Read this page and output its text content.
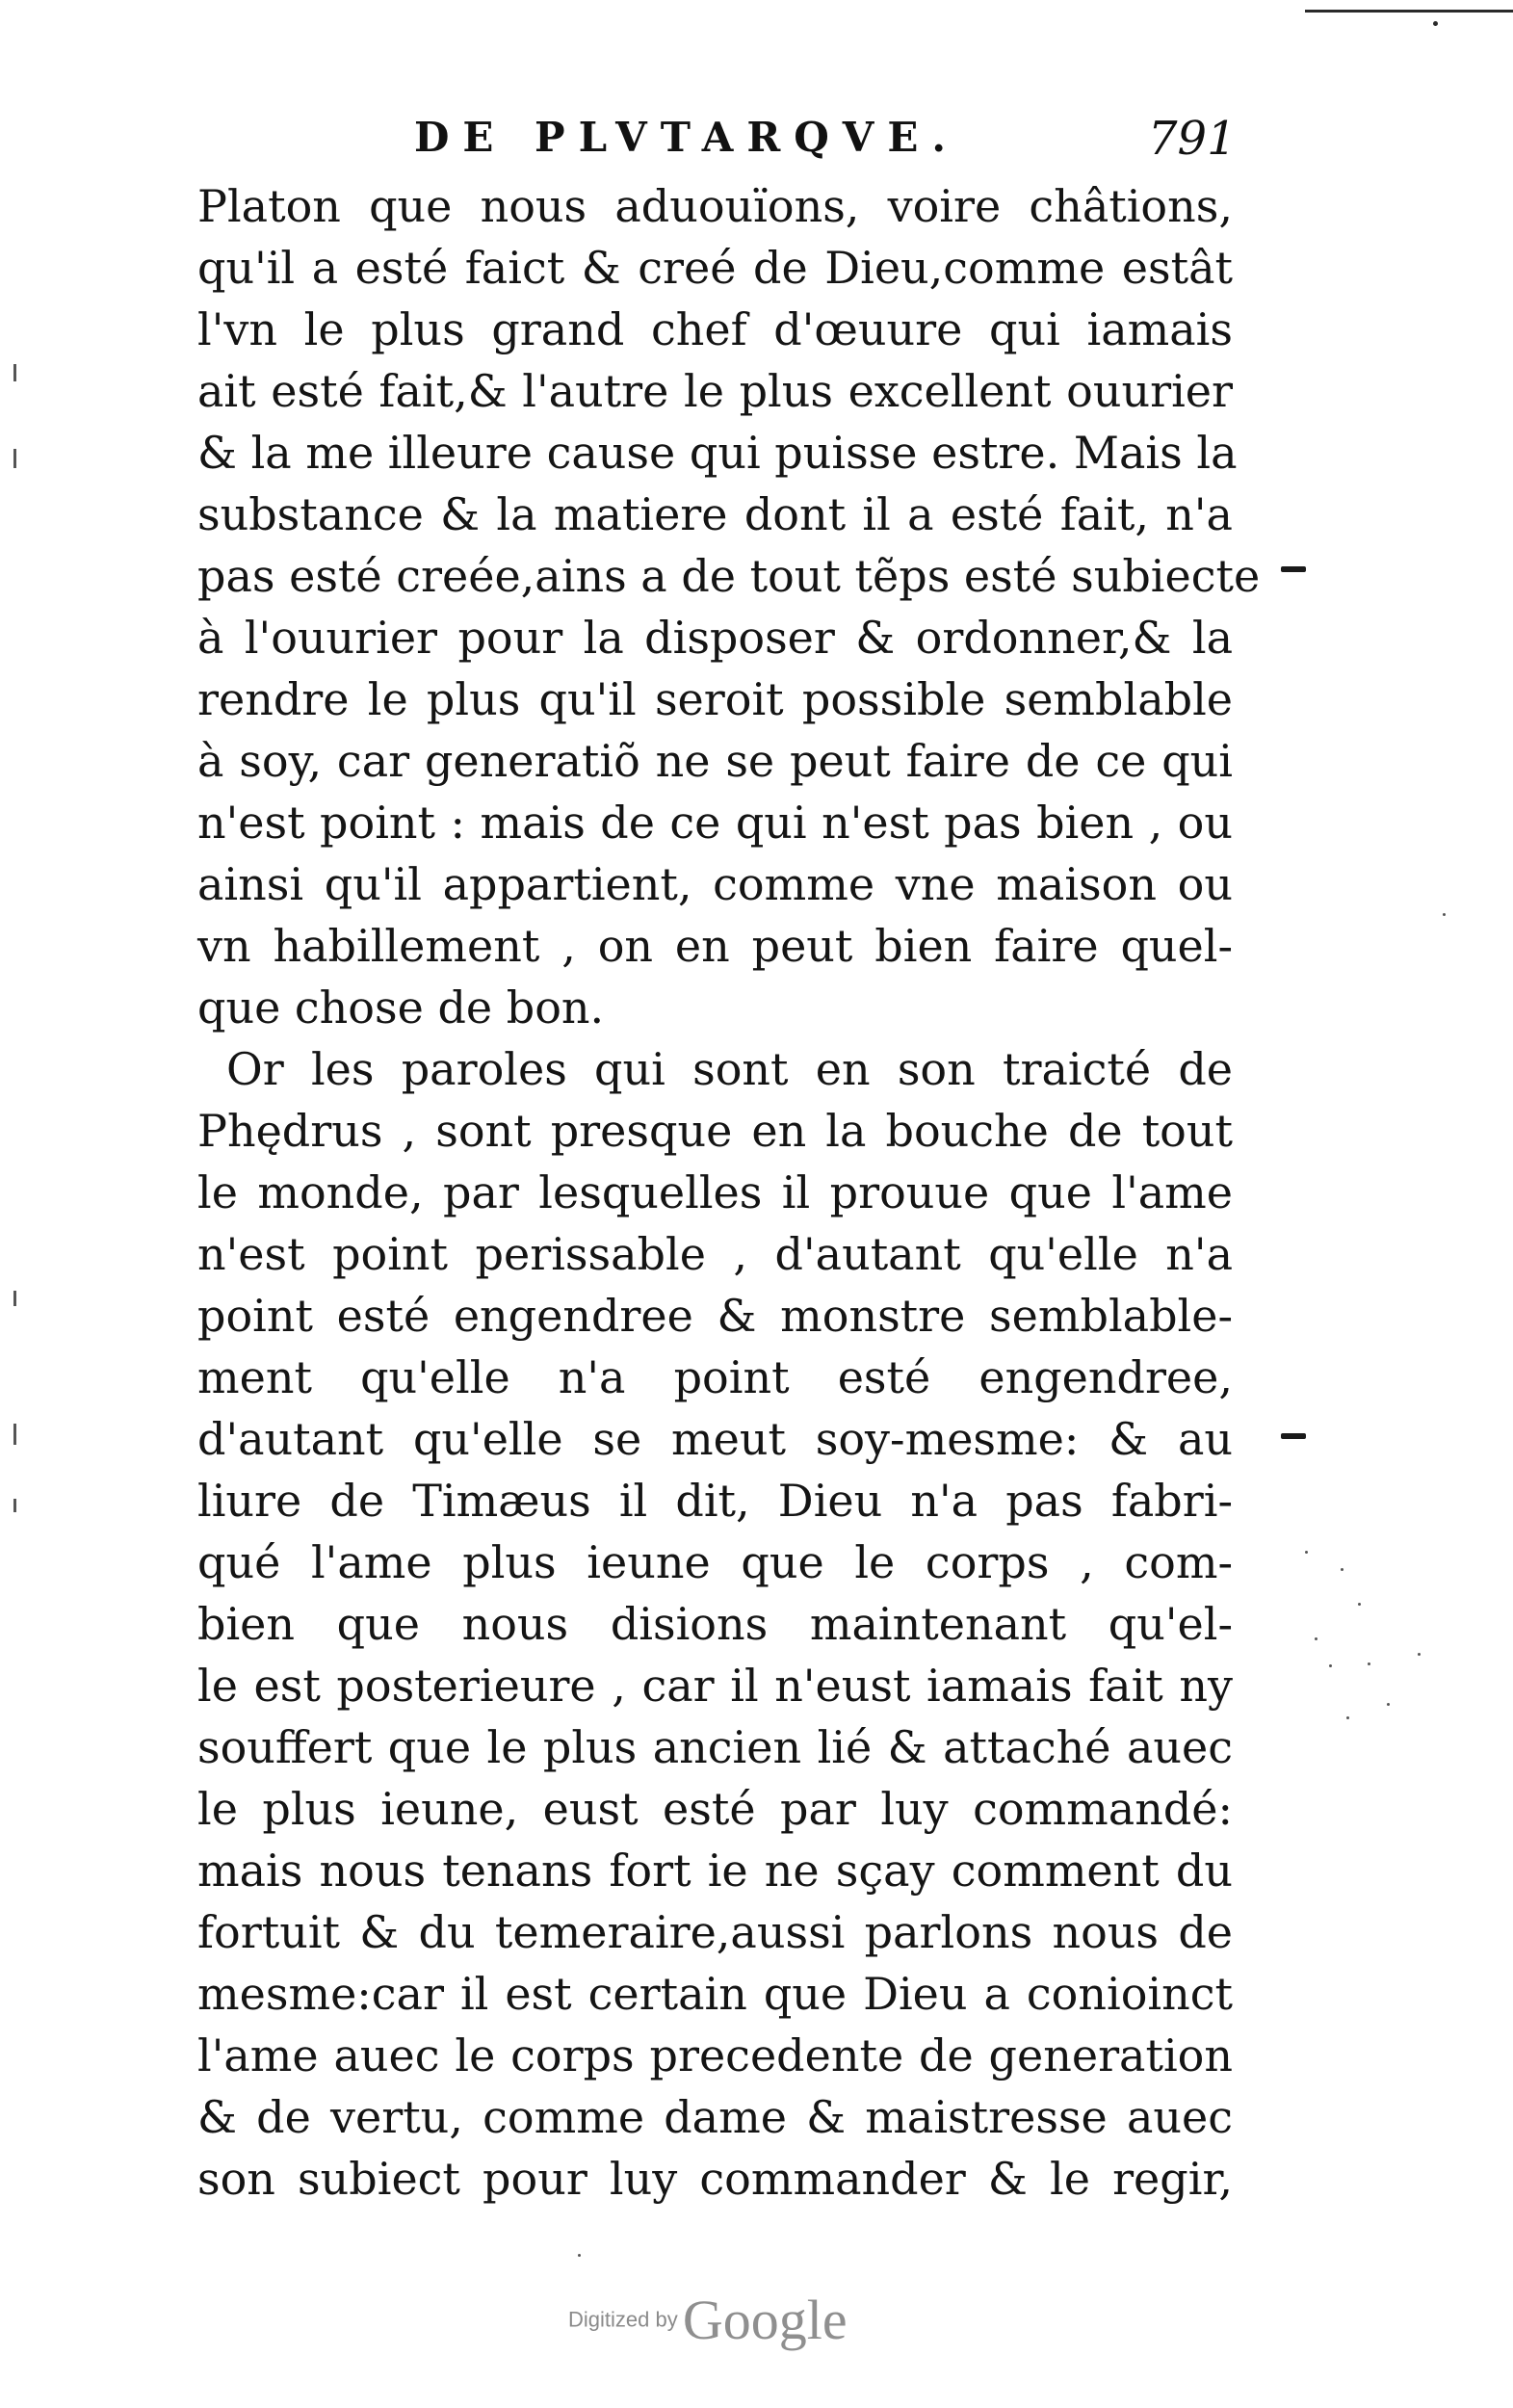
DE PLVTARQVE.	791
Platon que nous aduouïons, voire châtions,
qu'il a esté faict & creé de Dieu,comme estât
l'vn le plus grand chef d'œuure qui iamais
ait esté fait,& l'autre le plus excellent ouurier
& la me illeure cause qui puisse estre. Mais la
substance & la matiere dont il a esté fait, n'a
pas esté creée,ains a de tout tẽps esté subiecte
à l'ouurier pour la disposer & ordonner,& la
rendre le plus qu'il seroit possible semblable
à soy, car generatiõ ne se peut faire de ce qui
n'est point : mais de ce qui n'est pas bien , ou
ainsi qu'il appartient, comme vne maison ou
vn habillement , on en peut bien faire quel-
que chose de bon.
Or les paroles qui sont en son traicté de
Phędrus , sont presque en la bouche de tout
le monde, par lesquelles il prouue que l'ame
n'est point perissable , d'autant qu'elle n'a
point esté engendree & monstre semblable-
ment qu'elle n'a point esté engendree,
d'autant qu'elle se meut soy-mesme: & au
liure de Timæus il dit, Dieu n'a pas fabri-
qué l'ame plus ieune que le corps , com-
bien que nous disions maintenant qu'el-
le est posterieure , car il n'eust iamais fait ny
souffert que le plus ancien lié & attaché auec
le plus ieune, eust esté par luy commandé:
mais nous tenans fort ie ne sçay comment du
fortuit & du temeraire,aussi parlons nous de
mesme:car il est certain que Dieu a conioinct
l'ame auec le corps precedente de generation
& de vertu, comme dame & maistresse auec
son subiect pour luy commander & le regir,
Digitized by Google
